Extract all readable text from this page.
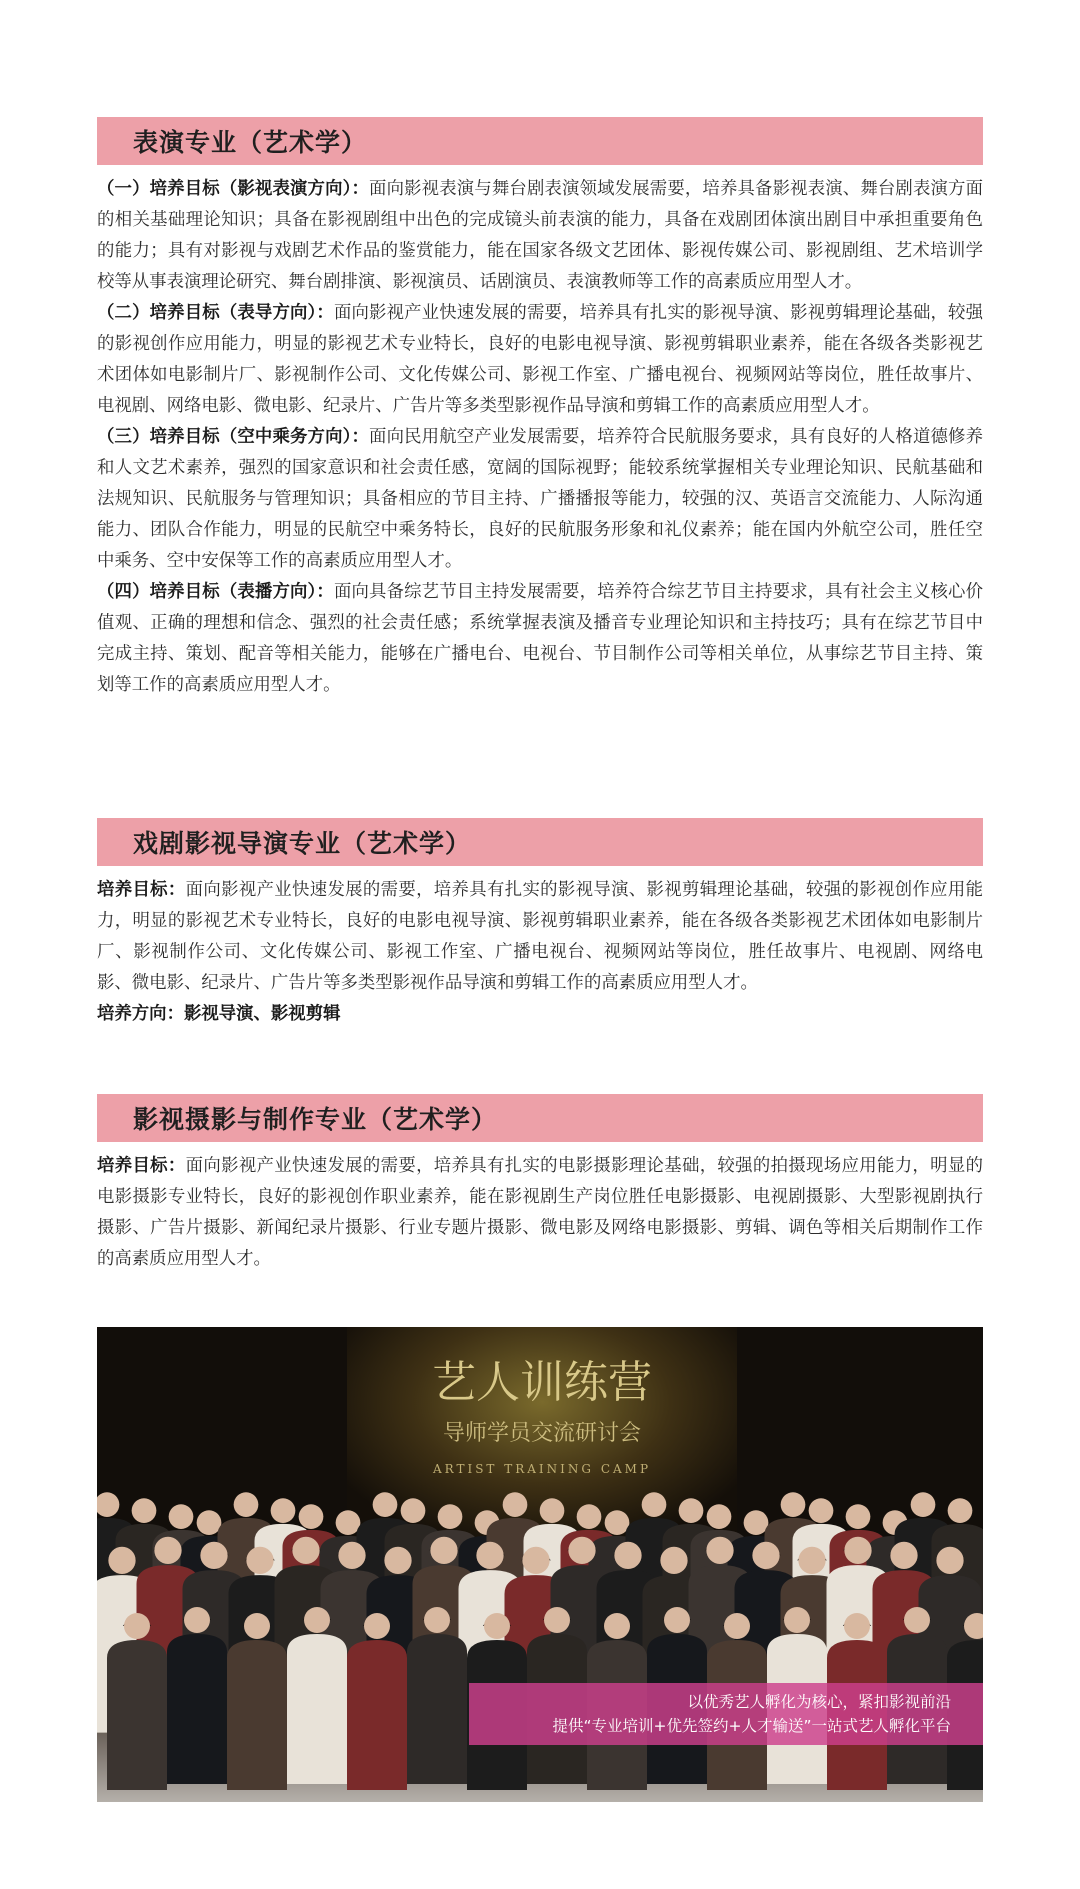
表演专业（艺术学）

（一）培养目标（影视表演方向）：面向影视表演与舞台剧表演领域发展需要，培养具备影视表演、舞台剧表演方面的相关基础理论知识；具备在影视剧组中出色的完成镜头前表演的能力，具备在戏剧团体演出剧目中承担重要角色的能力；具有对影视与戏剧艺术作品的鉴赏能力，能在国家各级文艺团体、影视传媒公司、影视剧组、艺术培训学校等从事表演理论研究、舞台剧排演、影视演员、话剧演员、表演教师等工作的高素质应用型人才。

（二）培养目标（表导方向）：面向影视产业快速发展的需要，培养具有扎实的影视导演、影视剪辑理论基础，较强的影视创作应用能力，明显的影视艺术专业特长，良好的电影电视导演、影视剪辑职业素养，能在各级各类影视艺术团体如电影制片厂、影视制作公司、文化传媒公司、影视工作室、广播电视台、视频网站等岗位，胜任故事片、电视剧、网络电影、微电影、纪录片、广告片等多类型影视作品导演和剪辑工作的高素质应用型人才。

（三）培养目标（空中乘务方向）：面向民用航空产业发展需要，培养符合民航服务要求，具有良好的人格道德修养和人文艺术素养，强烈的国家意识和社会责任感，宽阔的国际视野；能较系统掌握相关专业理论知识、民航基础和法规知识、民航服务与管理知识；具备相应的节目主持、广播播报等能力，较强的汉、英语言交流能力、人际沟通能力、团队合作能力，明显的民航空中乘务特长，良好的民航服务形象和礼仪素养；能在国内外航空公司，胜任空中乘务、空中安保等工作的高素质应用型人才。

（四）培养目标（表播方向）：面向具备综艺节目主持发展需要，培养符合综艺节目主持要求，具有社会主义核心价值观、正确的理想和信念、强烈的社会责任感；系统掌握表演及播音专业理论知识和主持技巧；具有在综艺节目中完成主持、策划、配音等相关能力，能够在广播电台、电视台、节目制作公司等相关单位，从事综艺节目主持、策划等工作的高素质应用型人才。

戏剧影视导演专业（艺术学）

培养目标：面向影视产业快速发展的需要，培养具有扎实的影视导演、影视剪辑理论基础，较强的影视创作应用能力，明显的影视艺术专业特长，良好的电影电视导演、影视剪辑职业素养，能在各级各类影视艺术团体如电影制片厂、影视制作公司、文化传媒公司、影视工作室、广播电视台、视频网站等岗位，胜任故事片、电视剧、网络电影、微电影、纪录片、广告片等多类型影视作品导演和剪辑工作的高素质应用型人才。

培养方向：影视导演、影视剪辑

影视摄影与制作专业（艺术学）

培养目标：面向影视产业快速发展的需要，培养具有扎实的电影摄影理论基础，较强的拍摄现场应用能力，明显的电影摄影专业特长，良好的影视创作职业素养，能在影视剧生产岗位胜任电影摄影、电视剧摄影、大型影视剧执行摄影、广告片摄影、新闻纪录片摄影、行业专题片摄影、微电影及网络电影摄影、剪辑、调色等相关后期制作工作的高素质应用型人才。

艺人训练营
导师学员交流研讨会
ARTIST TRAINING CAMP
以优秀艺人孵化为核心，紧扣影视前沿
提供“专业培训+优先签约+人才输送”一站式艺人孵化平台
